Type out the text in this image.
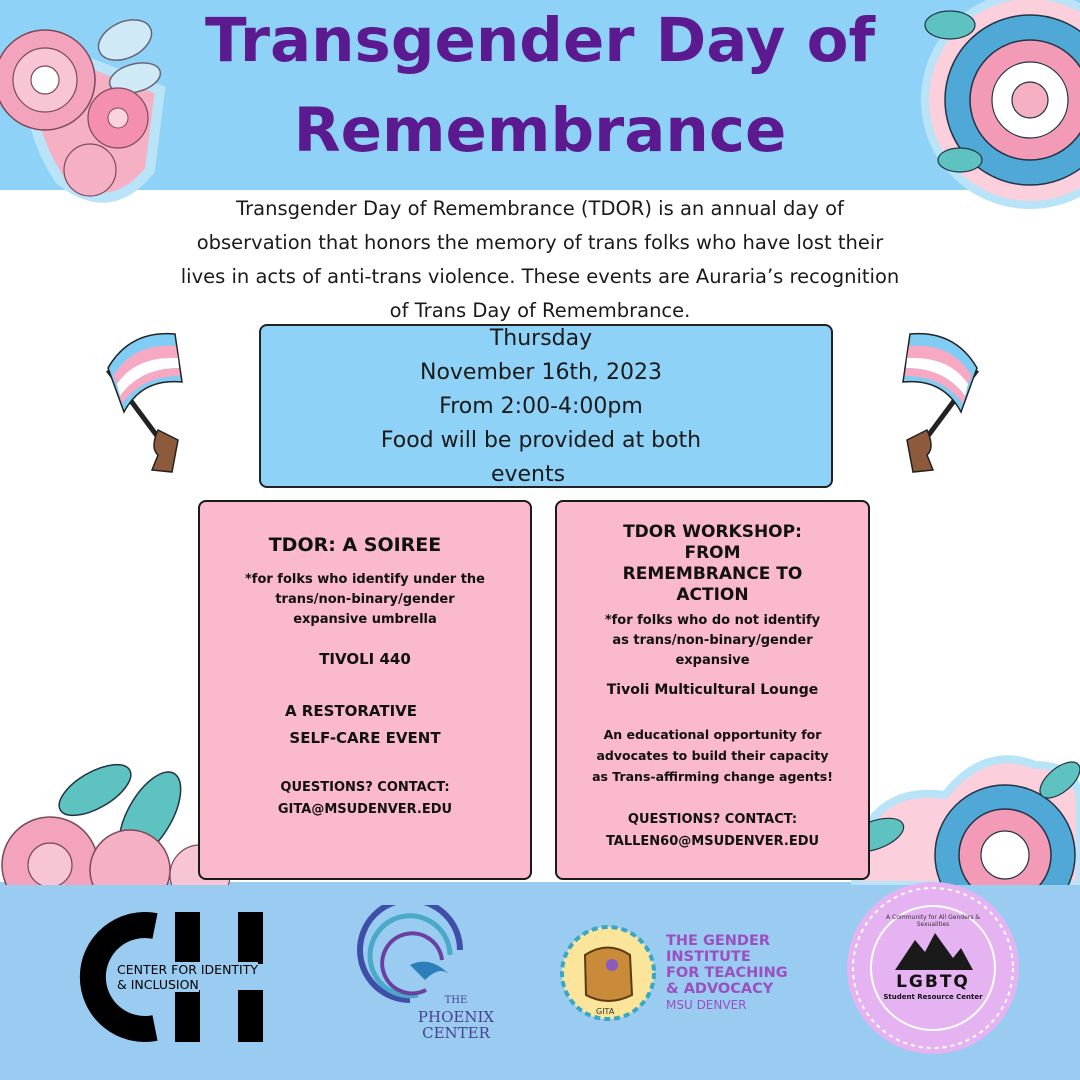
Transgender Day of
Remembrance
Transgender Day of Remembrance (TDOR) is an annual day of
observation that honors the memory of trans folks who have lost their
lives in acts of anti-trans violence. These events are Auraria’s recognition
of Trans Day of Remembrance.
Thursday
November 16th, 2023
From 2:00-4:00pm
Food will be provided at both
events
TDOR: A SOIREE
*for folks who identify under the
trans/non-binary/gender
expansive umbrella
TIVOLI 440
A RESTORATIVE
SELF-CARE EVENT
QUESTIONS? CONTACT:
GITA@MSUDENVER.EDU
TDOR WORKSHOP:
FROM
REMEMBRANCE TO
ACTION
*for folks who do not identify
as trans/non-binary/gender
expansive
Tivoli Multicultural Lounge
An educational opportunity for
advocates to build their capacity
as Trans-affirming change agents!
QUESTIONS? CONTACT:
TALLEN60@MSUDENVER.EDU
CENTER FOR IDENTITY
& INCLUSION
THE
PHOENIX
CENTER
GITA
THE GENDER
INSTITUTE
FOR TEACHING
& ADVOCACY
MSU DENVER
A Community for All Genders & Sexualities
LGBTQ
Student Resource Center
